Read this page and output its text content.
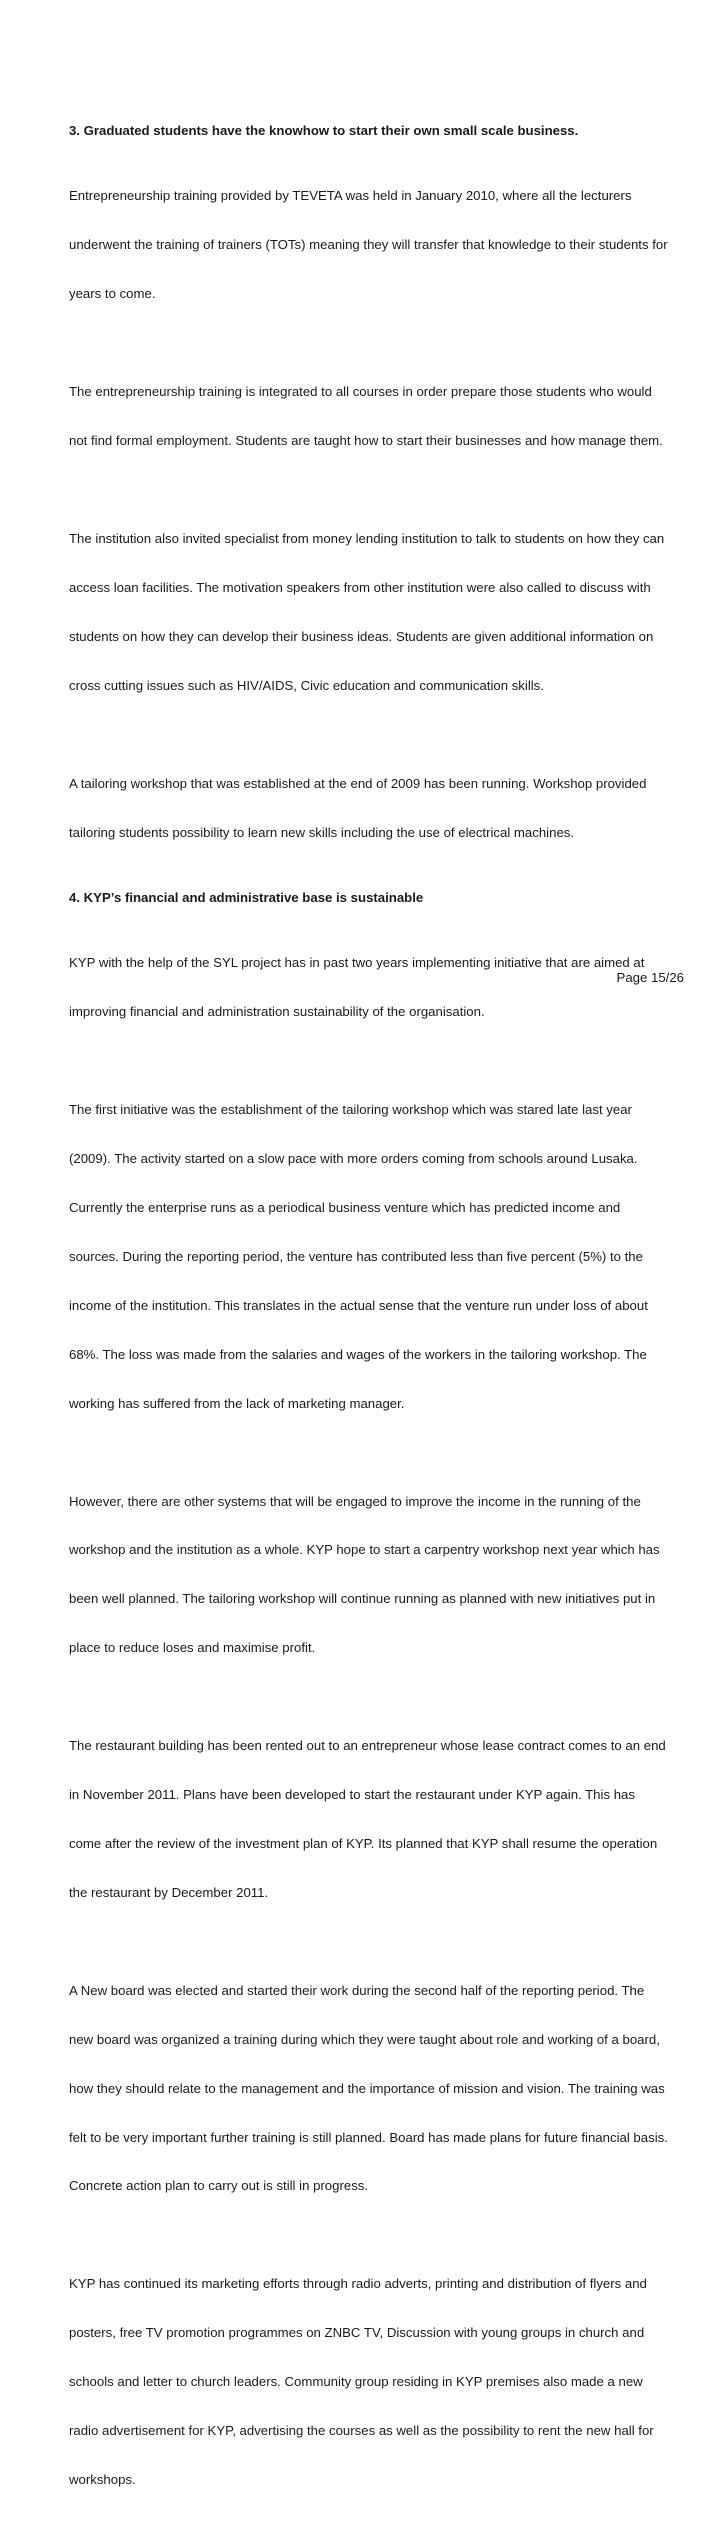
3. Graduated students have the knowhow to start their own small scale business.

Entrepreneurship training provided by TEVETA was held in January 2010, where all the lecturers

underwent the training of trainers (TOTs) meaning they will transfer that knowledge to their students for

years to come.

The entrepreneurship training is integrated to all courses in order prepare those students who would

not find formal employment. Students are taught how to start their businesses and how manage them.

The institution also invited specialist from money lending institution to talk to students on how they can

access loan facilities. The motivation speakers from other institution were also called to discuss with

students on how they can develop their business ideas. Students are given additional information on

cross cutting issues such as HIV/AIDS, Civic education and communication skills.

A tailoring workshop that was established at the end of 2009 has been running. Workshop provided

tailoring students possibility to learn new skills including the use of electrical machines.

4. KYP’s financial and administrative base is sustainable

KYP with the help of the SYL project has in past two years implementing initiative that are aimed at

improving financial and administration sustainability of the organisation.

The first initiative was the establishment of the tailoring workshop which was stared late last year

(2009). The activity started on a slow pace with more orders coming from schools around Lusaka.

Currently the enterprise runs as a periodical business venture which has predicted income and

sources. During the reporting period, the venture has contributed less than five percent (5%) to the

income of the institution. This translates in the actual sense that the venture run under loss of about

68%. The loss was made from the salaries and wages of the workers in the tailoring workshop. The

working has suffered from the lack of marketing manager.

However, there are other systems that will be engaged to improve the income in the running of the

workshop and the institution as a whole. KYP hope to start a carpentry workshop next year which has

been well planned. The tailoring workshop will continue running as planned with new initiatives put in

place to reduce loses and maximise profit.

The restaurant building has been rented out to an entrepreneur whose lease contract comes to an end

in November 2011. Plans have been developed to start the restaurant under KYP again. This has

come after the review of the investment plan of KYP. Its planned that KYP shall resume the operation

the restaurant by December 2011.

A New board was elected and started their work during the second half of the reporting period. The

new board was organized a training during which they were taught about role and working of a board,

how they should relate to the management and the importance of mission and vision. The training was

felt to be very important further training is still planned. Board has made plans for future financial basis.

Concrete action plan to carry out is still in progress.

KYP has continued its marketing efforts through radio adverts, printing and distribution of flyers and

posters, free TV promotion programmes on ZNBC TV, Discussion with young groups in church and

schools and letter to church leaders. Community group residing in KYP premises also made a new

radio advertisement for KYP, advertising the courses as well as the possibility to rent the new hall for

workshops.

Page 15/26
